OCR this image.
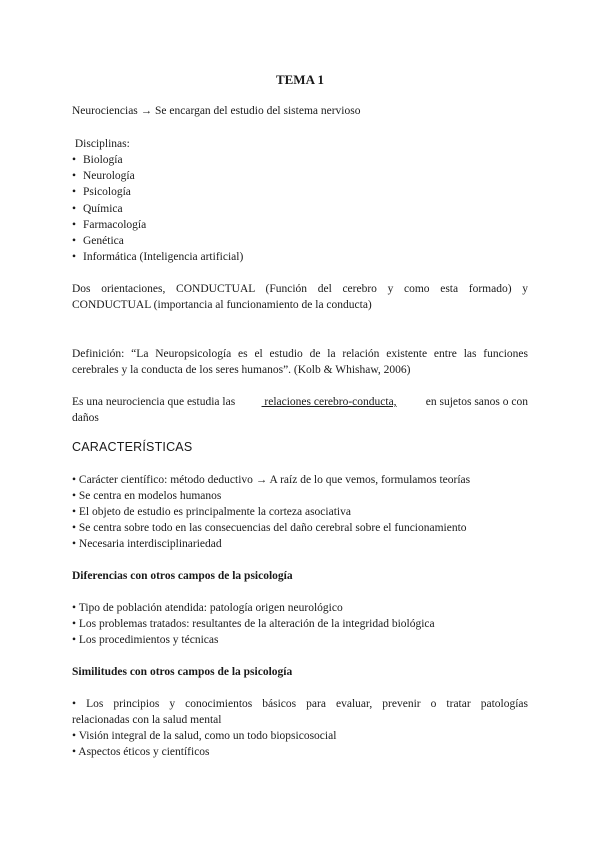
TEMA 1
Neurociencias → Se encargan del estudio del sistema nervioso
Disciplinas:
• Biología
• Neurología
• Psicología
• Química
• Farmacología
• Genética
• Informática (Inteligencia artificial)
Dos orientaciones, CONDUCTUAL (Función del cerebro y como esta formado) y
CONDUCTUAL (importancia al funcionamiento de la conducta)
Definición: “La Neuropsicología es el estudio de la relación existente entre las funciones
cerebrales y la conducta de los seres humanos”. (Kolb & Whishaw, 2006)
Es una neurociencia que estudia las relaciones cerebro-conducta, en sujetos sanos o con
daños
CARACTERÍSTICAS
• Carácter científico: método deductivo → A raíz de lo que vemos, formulamos teorías
• Se centra en modelos humanos
• El objeto de estudio es principalmente la corteza asociativa
• Se centra sobre todo en las consecuencias del daño cerebral sobre el funcionamiento
• Necesaria interdisciplinariedad
Diferencias con otros campos de la psicología
• Tipo de población atendida: patología origen neurológico
• Los problemas tratados: resultantes de la alteración de la integridad biológica
• Los procedimientos y técnicas
Similitudes con otros campos de la psicología
• Los principios y conocimientos básicos para evaluar, prevenir o tratar patologías
relacionadas con la salud mental
• Visión integral de la salud, como un todo biopsicosocial
• Aspectos éticos y científicos
